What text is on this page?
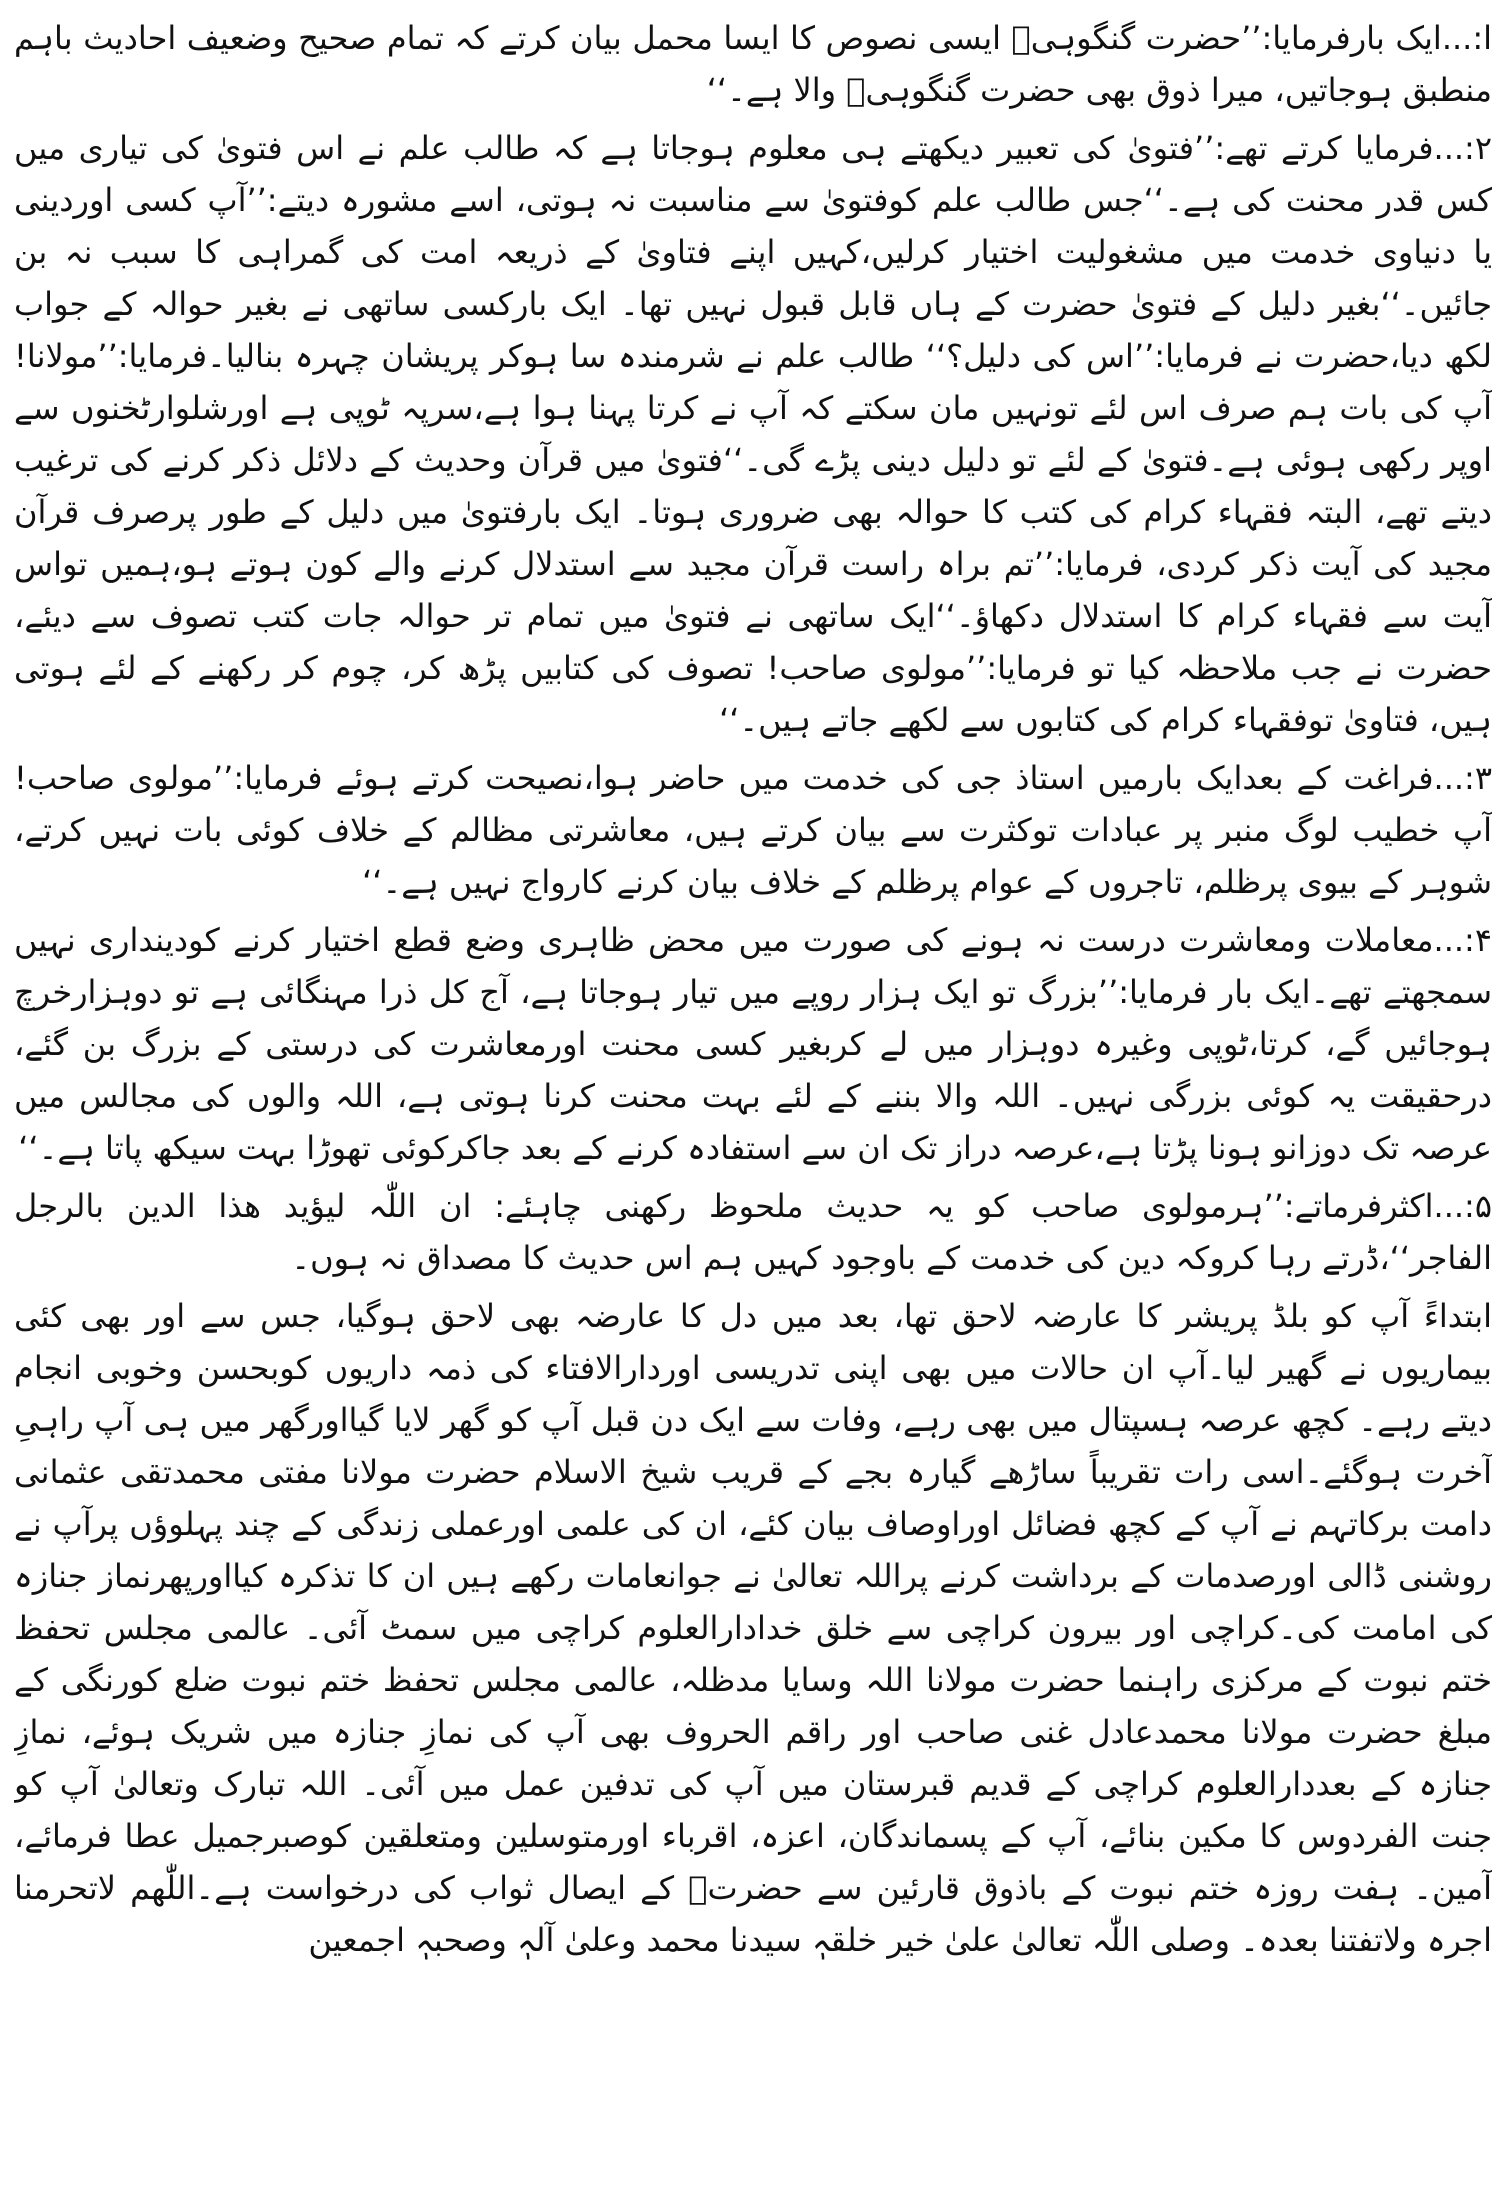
ا:...ایک بارفرمایا:’’حضرت گنگوہیؒ ایسی نصوص کا ایسا محمل بیان کرتے کہ تمام صحیح وضعیف احادیث باہم منطبق ہوجاتیں، میرا ذوق بھی حضرت گنگوہیؒ والا ہے۔‘‘

۲:...فرمایا کرتے تھے:’’فتویٰ کی تعبیر دیکھتے ہی معلوم ہوجاتا ہے کہ طالب علم نے اس فتویٰ کی تیاری میں کس قدر محنت کی ہے۔‘‘جس طالب علم کوفتویٰ سے مناسبت نہ ہوتی، اسے مشورہ دیتے:’’آپ کسی اوردینی یا دنیاوی خدمت میں مشغولیت اختیار کرلیں،کہیں اپنے فتاویٰ کے ذریعہ امت کی گمراہی کا سبب نہ بن جائیں۔‘‘بغیر دلیل کے فتویٰ حضرت کے ہاں قابل قبول نہیں تھا۔ ایک بارکسی ساتھی نے بغیر حوالہ کے جواب لکھ دیا،حضرت نے فرمایا:’’اس کی دلیل؟‘‘ طالب علم نے شرمندہ سا ہوکر پریشان چہرہ بنالیا۔فرمایا:’’مولانا! آپ کی بات ہم صرف اس لئے تونہیں مان سکتے کہ آپ نے کرتا پہنا ہوا ہے،سرپہ ٹوپی ہے اورشلوارٹخنوں سے اوپر رکھی ہوئی ہے۔فتویٰ کے لئے تو دلیل دینی پڑے گی۔‘‘فتویٰ میں قرآن وحدیث کے دلائل ذکر کرنے کی ترغیب دیتے تھے، البتہ فقہاء کرام کی کتب کا حوالہ بھی ضروری ہوتا۔ ایک بارفتویٰ میں دلیل کے طور پرصرف قرآن مجید کی آیت ذکر کردی، فرمایا:’’تم براہ راست قرآن مجید سے استدلال کرنے والے کون ہوتے ہو،ہمیں تواس آیت سے فقہاء کرام کا استدلال دکھاؤ۔‘‘ایک ساتھی نے فتویٰ میں تمام تر حوالہ جات کتب تصوف سے دیئے، حضرت نے جب ملاحظہ کیا تو فرمایا:’’مولوی صاحب! تصوف کی کتابیں پڑھ کر، چوم کر رکھنے کے لئے ہوتی ہیں، فتاویٰ توفقہاء کرام کی کتابوں سے لکھے جاتے ہیں۔‘‘

۳:...فراغت کے بعدایک بارمیں استاذ جی کی خدمت میں حاضر ہوا،نصیحت کرتے ہوئے فرمایا:’’مولوی صاحب! آپ خطیب لوگ منبر پر عبادات توکثرت سے بیان کرتے ہیں، معاشرتی مظالم کے خلاف کوئی بات نہیں کرتے، شوہر کے بیوی پرظلم، تاجروں کے عوام پرظلم کے خلاف بیان کرنے کارواج نہیں ہے۔‘‘

۴:...معاملات ومعاشرت درست نہ ہونے کی صورت میں محض ظاہری وضع قطع اختیار کرنے کودینداری نہیں سمجھتے تھے۔ایک بار فرمایا:’’بزرگ تو ایک ہزار روپے میں تیار ہوجاتا ہے، آج کل ذرا مہنگائی ہے تو دوہزارخرچ ہوجائیں گے، کرتا،ٹوپی وغیرہ دوہزار میں لے کربغیر کسی محنت اورمعاشرت کی درستی کے بزرگ بن گئے، درحقیقت یہ کوئی بزرگی نہیں۔ اللہ والا بننے کے لئے بہت محنت کرنا ہوتی ہے، اللہ والوں کی مجالس میں عرصہ تک دوزانو ہونا پڑتا ہے،عرصہ دراز تک ان سے استفادہ کرنے کے بعد جاکرکوئی تھوڑا بہت سیکھ پاتا ہے۔‘‘

۵:...اکثرفرماتے:’’ہرمولوی صاحب کو یہ حدیث ملحوظ رکھنی چاہئے: ان اللّٰہ لیؤید ھذا الدین بالرجل الفاجر‘‘،ڈرتے رہا کروکہ دین کی خدمت کے باوجود کہیں ہم اس حدیث کا مصداق نہ ہوں۔

ابتداءً آپ کو بلڈ پریشر کا عارضہ لاحق تھا، بعد میں دل کا عارضہ بھی لاحق ہوگیا، جس سے اور بھی کئی بیماریوں نے گھیر لیا۔آپ ان حالات میں بھی اپنی تدریسی اوردارالافتاء کی ذمہ داریوں کوبحسن وخوبی انجام دیتے رہے۔ کچھ عرصہ ہسپتال میں بھی رہے، وفات سے ایک دن قبل آپ کو گھر لایا گیااورگھر میں ہی آپ راہیِ آخرت ہوگئے۔اسی رات تقریباً ساڑھے گیارہ بجے کے قریب شیخ الاسلام حضرت مولانا مفتی محمدتقی عثمانی دامت برکاتہم نے آپ کے کچھ فضائل اوراوصاف بیان کئے، ان کی علمی اورعملی زندگی کے چند پہلوؤں پرآپ نے روشنی ڈالی اورصدمات کے برداشت کرنے پراللہ تعالیٰ نے جوانعامات رکھے ہیں ان کا تذکرہ کیااورپھرنماز جنازہ کی امامت کی۔کراچی اور بیرون کراچی سے خلق خدادارالعلوم کراچی میں سمٹ آئی۔ عالمی مجلس تحفظ ختم نبوت کے مرکزی راہنما حضرت مولانا اللہ وسایا مدظلہ، عالمی مجلس تحفظ ختم نبوت ضلع کورنگی کے مبلغ حضرت مولانا محمدعادل غنی صاحب اور راقم الحروف بھی آپ کی نمازِ جنازہ میں شریک ہوئے، نمازِ جنازہ کے بعددارالعلوم کراچی کے قدیم قبرستان میں آپ کی تدفین عمل میں آئی۔ اللہ تبارک وتعالیٰ آپ کو جنت الفردوس کا مکین بنائے، آپ کے پسماندگان، اعزہ، اقرباء اورمتوسلین ومتعلقین کوصبرجمیل عطا فرمائے، آمین۔ ہفت روزہ ختم نبوت کے باذوق قارئین سے حضرتؒ کے ایصال ثواب کی درخواست ہے۔اللّٰھم لاتحرمنا اجرہ ولاتفتنا بعدہ۔ وصلی اللّٰہ تعالیٰ علیٰ خیر خلقہٖ سیدنا محمد وعلیٰ آلہٖ وصحبہٖ اجمعین
